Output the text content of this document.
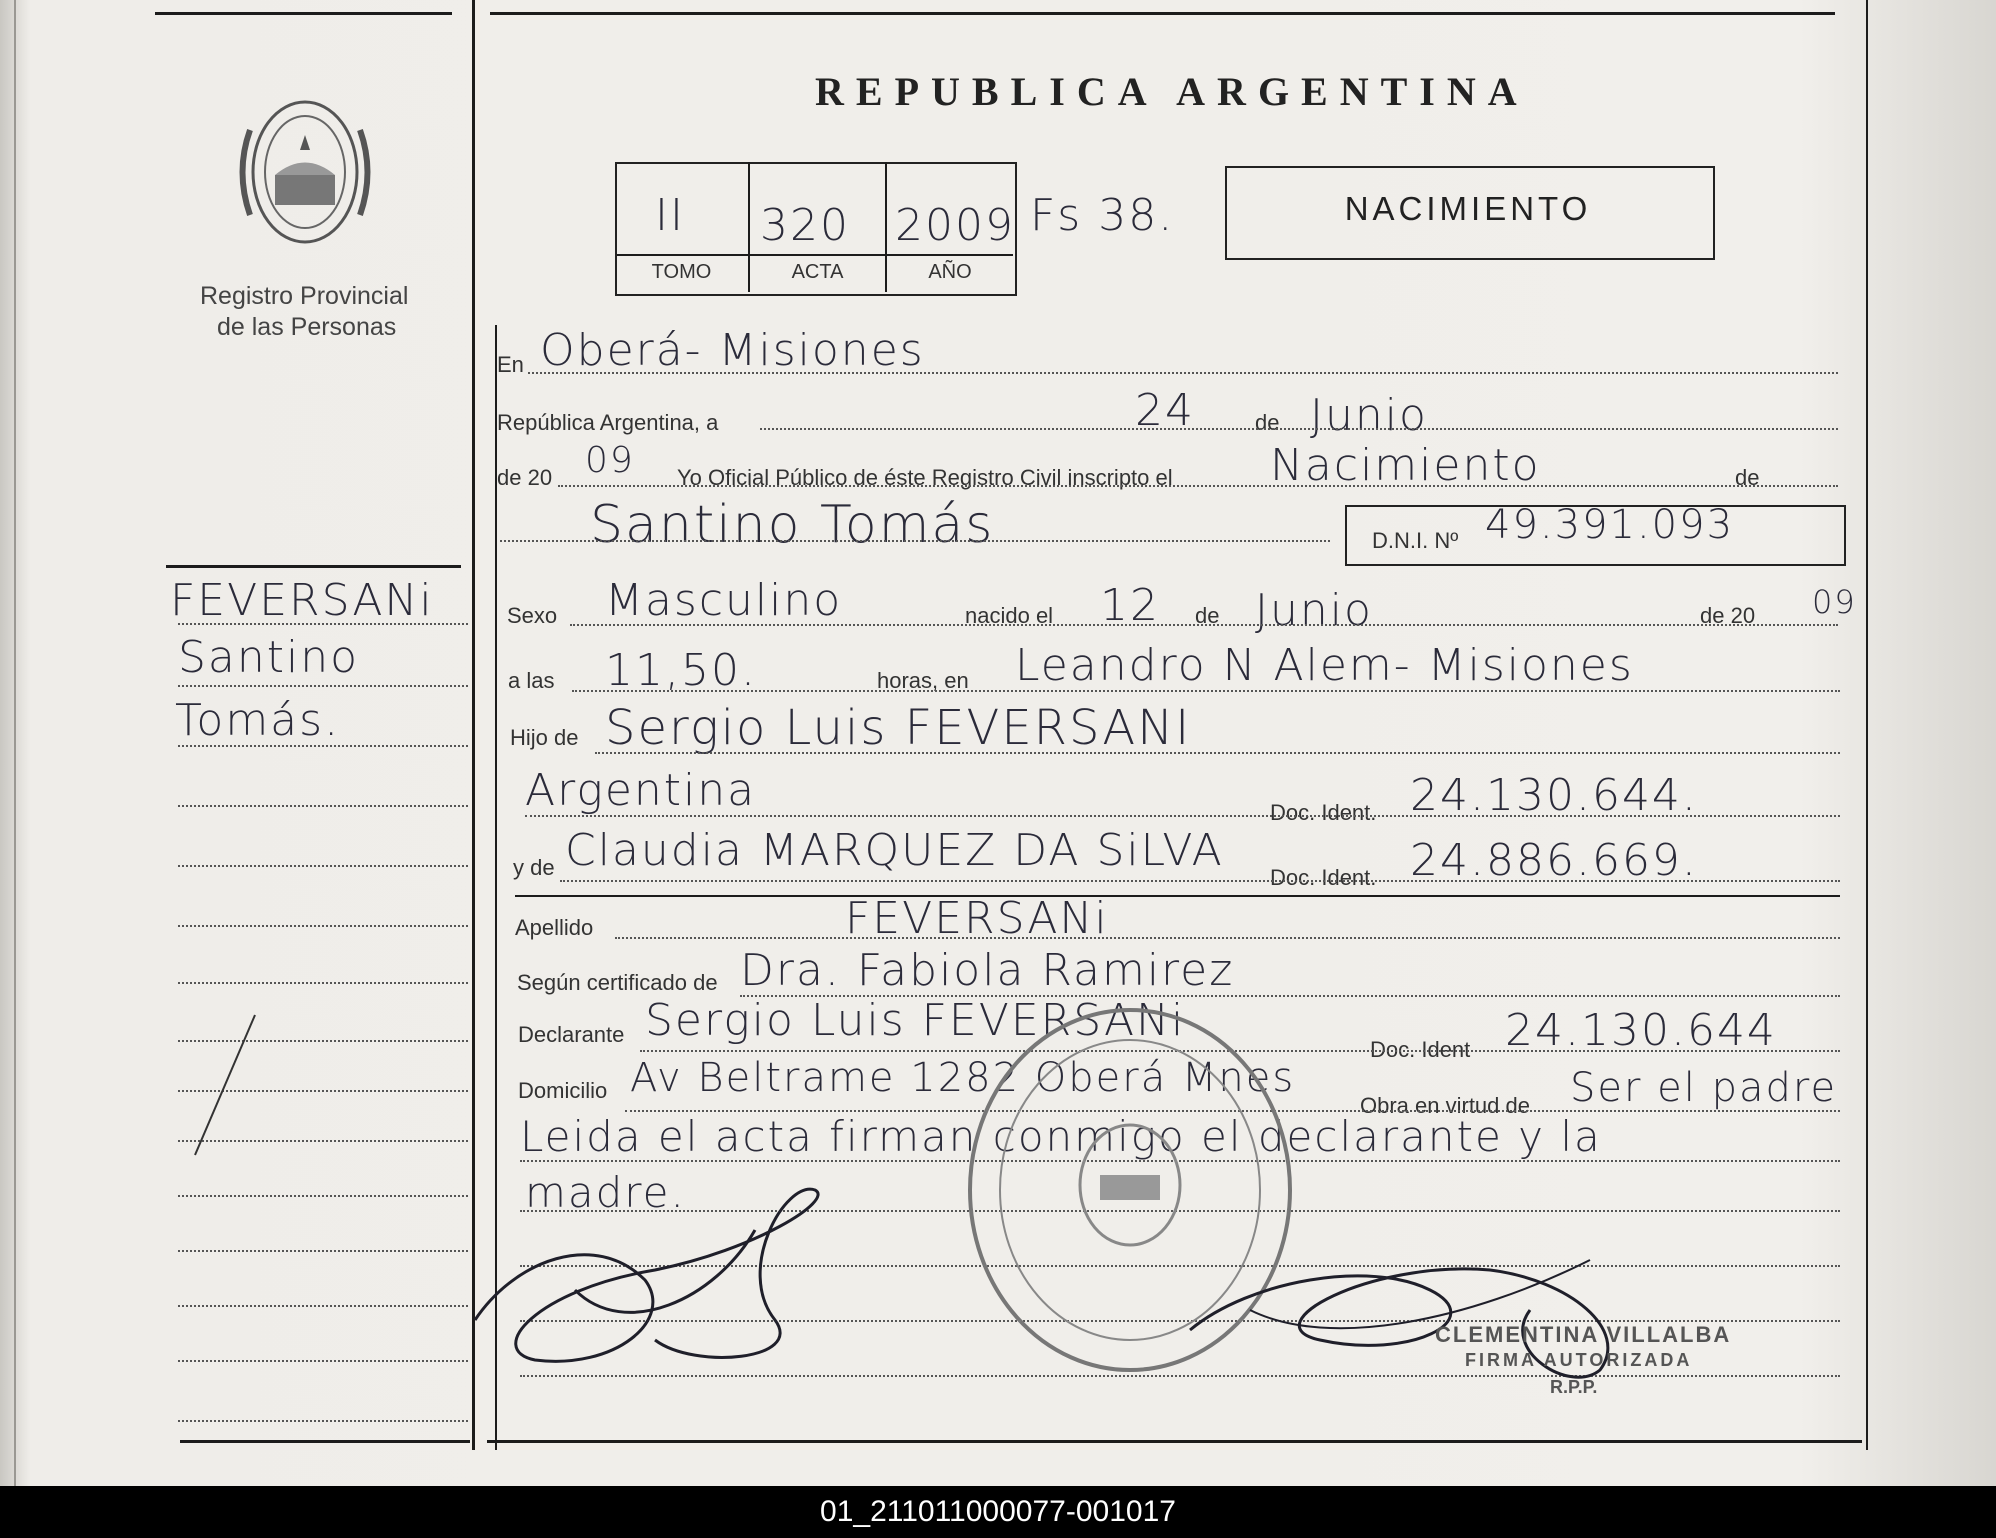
Registro Provincial
de las Personas
REPUBLICA ARGENTINA
II 320 2009
TOMO	ACTA	AÑO
Fs 38.	NACIMIENTO
FEVERSANi
Santino
Tomás.
En Oberá- Misiones
República Argentina, a	24	de Junio
de 20 09 Yo Oficial Público de éste Registro Civil inscripto el Nacimiento	de
Santino Tomás	D.N.I. Nº 49.391.093
Sexo Masculino	nacido el 12 de Junio	de 20 09
a las 11,50.	horas, en Leandro N Alem- Misiones
Hijo de Sergio Luis FEVERSANI
Argentina	Doc. Ident. 24.130.644.
y de Claudia MARQUEZ DA SiLVA
Doc. Ident. 24.886.669.
Apellido	FEVERSANi
Según certificado de Dra. Fabiola Ramirez
Declarante Sergio Luis FEVERSANi
Doc. Ident 24.130.644
Domicilio Av Beltrame 1282 Oberá Mnes
Obra en virtud de Ser el padre
Leida el acta firman conmigo el declarante y la
madre.
CLEMENTINA VILLALBA
FIRMA AUTORIZADA
R.P.P.
01_211011000077-001017
